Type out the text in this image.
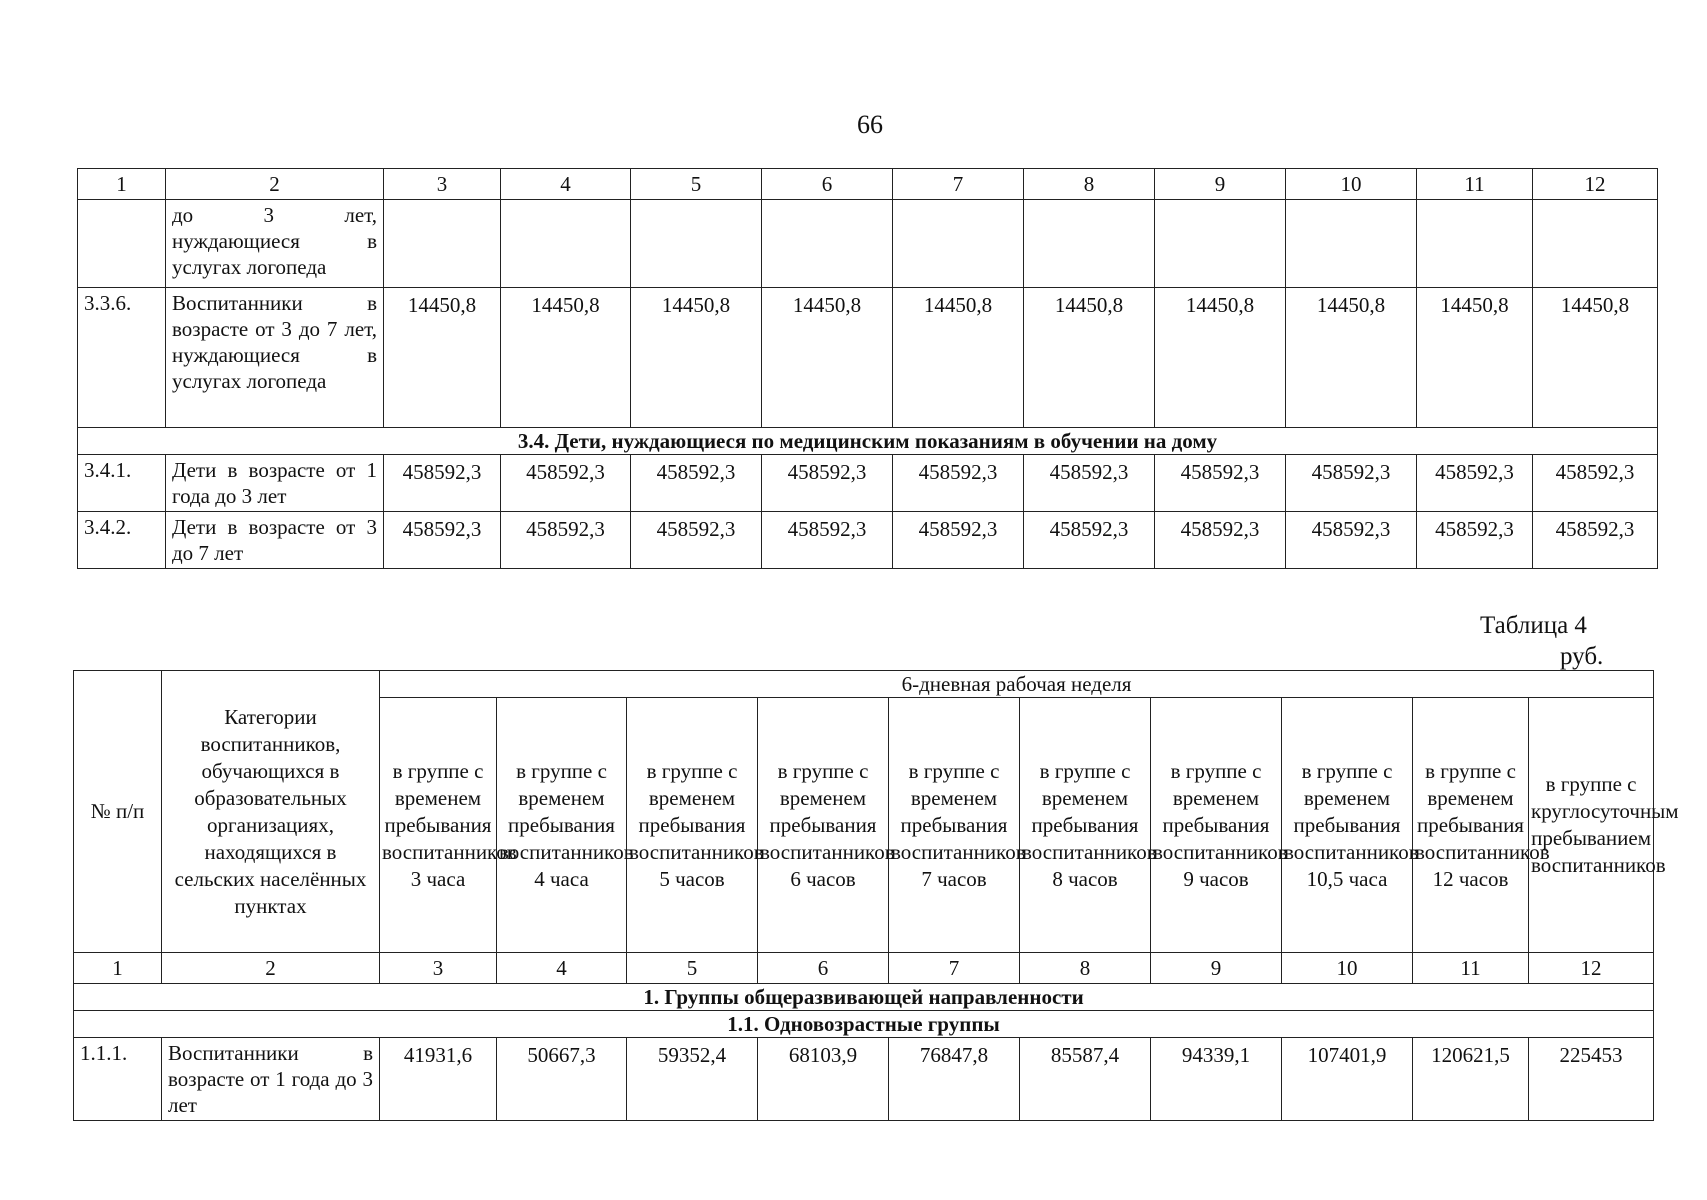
66
1	2	3	4	5	6	7	8	9	10	11	12
	до 3 лет, нуждающиеся в услугах логопеда										
3.3.6.	Воспитанники в возрасте от 3 до 7 лет, нуждающиеся в услугах логопеда	14450,8	14450,8	14450,8	14450,8	14450,8	14450,8	14450,8	14450,8	14450,8	14450,8
3.4. Дети, нуждающиеся по медицинским показаниям в обучении на дому											
3.4.1.	Дети в возрасте от 1 года до 3 лет	458592,3	458592,3	458592,3	458592,3	458592,3	458592,3	458592,3	458592,3	458592,3	458592,3
3.4.2.	Дети в возрасте от 3 до 7 лет	458592,3	458592,3	458592,3	458592,3	458592,3	458592,3	458592,3	458592,3	458592,3	458592,3
Таблица 4
руб.
№ п/п	Категории воспитанников, обучающихся в образовательных организациях, находящихся в сельских населённых пунктах	6-дневная рабочая неделя									
		в группе с временем пребывания воспитанников 3 часа	в группе с временем пребывания воспитанников 4 часа	в группе с временем пребывания воспитанников 5 часов	в группе с временем пребывания воспитанников 6 часов	в группе с временем пребывания воспитанников 7 часов	в группе с временем пребывания воспитанников 8 часов	в группе с временем пребывания воспитанников 9 часов	в группе с временем пребывания воспитанников 10,5 часа	в группе с временем пребывания воспитанников 12 часов	в группе с круглосуточным пребыванием воспитанников
1	2	3	4	5	6	7	8	9	10	11	12
1. Группы общеразвивающей направленности											
1.1. Одновозрастные группы											
1.1.1.	Воспитанники в возрасте от 1 года до 3 лет	41931,6	50667,3	59352,4	68103,9	76847,8	85587,4	94339,1	107401,9	120621,5	225453
